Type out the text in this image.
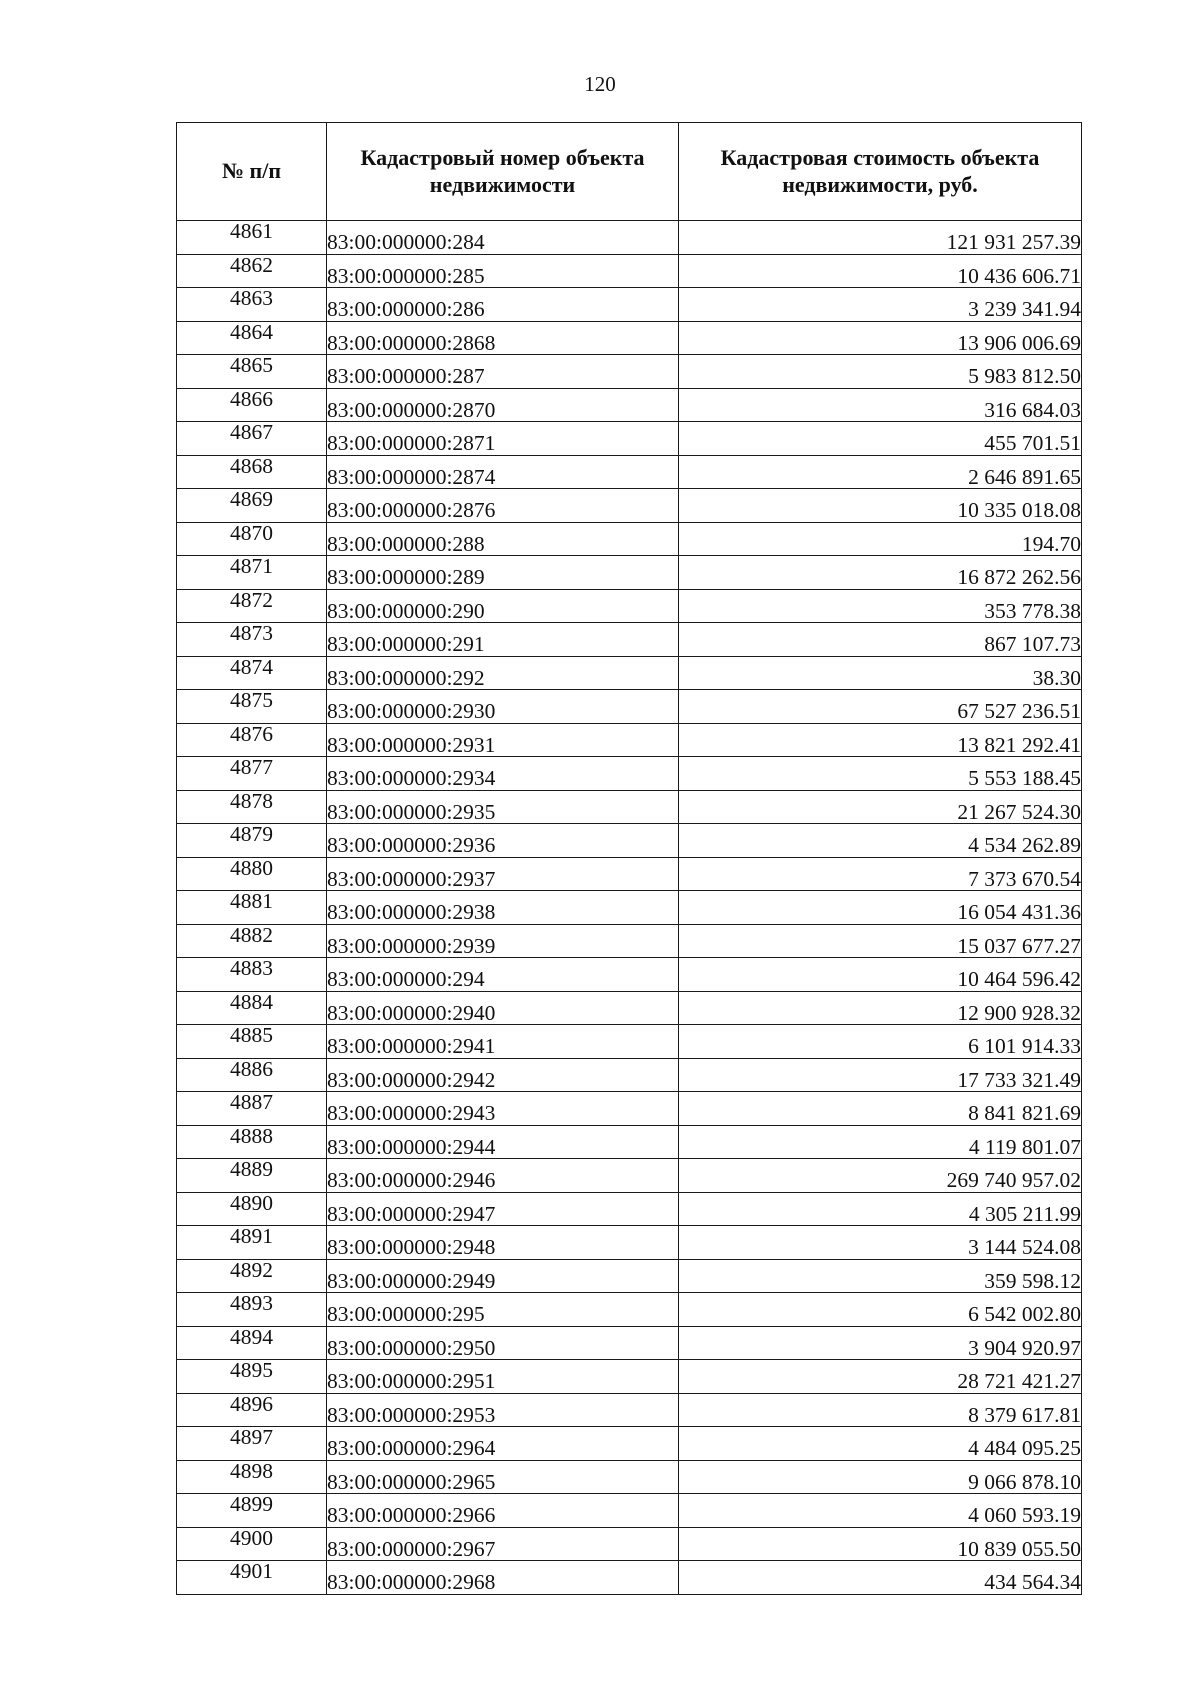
120
№ п/п	Кадастровый номер объекта недвижимости	Кадастровая стоимость объекта недвижимости, руб.
4861	83:00:000000:284	121 931 257.39
4862	83:00:000000:285	10 436 606.71
4863	83:00:000000:286	3 239 341.94
4864	83:00:000000:2868	13 906 006.69
4865	83:00:000000:287	5 983 812.50
4866	83:00:000000:2870	316 684.03
4867	83:00:000000:2871	455 701.51
4868	83:00:000000:2874	2 646 891.65
4869	83:00:000000:2876	10 335 018.08
4870	83:00:000000:288	194.70
4871	83:00:000000:289	16 872 262.56
4872	83:00:000000:290	353 778.38
4873	83:00:000000:291	867 107.73
4874	83:00:000000:292	38.30
4875	83:00:000000:2930	67 527 236.51
4876	83:00:000000:2931	13 821 292.41
4877	83:00:000000:2934	5 553 188.45
4878	83:00:000000:2935	21 267 524.30
4879	83:00:000000:2936	4 534 262.89
4880	83:00:000000:2937	7 373 670.54
4881	83:00:000000:2938	16 054 431.36
4882	83:00:000000:2939	15 037 677.27
4883	83:00:000000:294	10 464 596.42
4884	83:00:000000:2940	12 900 928.32
4885	83:00:000000:2941	6 101 914.33
4886	83:00:000000:2942	17 733 321.49
4887	83:00:000000:2943	8 841 821.69
4888	83:00:000000:2944	4 119 801.07
4889	83:00:000000:2946	269 740 957.02
4890	83:00:000000:2947	4 305 211.99
4891	83:00:000000:2948	3 144 524.08
4892	83:00:000000:2949	359 598.12
4893	83:00:000000:295	6 542 002.80
4894	83:00:000000:2950	3 904 920.97
4895	83:00:000000:2951	28 721 421.27
4896	83:00:000000:2953	8 379 617.81
4897	83:00:000000:2964	4 484 095.25
4898	83:00:000000:2965	9 066 878.10
4899	83:00:000000:2966	4 060 593.19
4900	83:00:000000:2967	10 839 055.50
4901	83:00:000000:2968	434 564.34
